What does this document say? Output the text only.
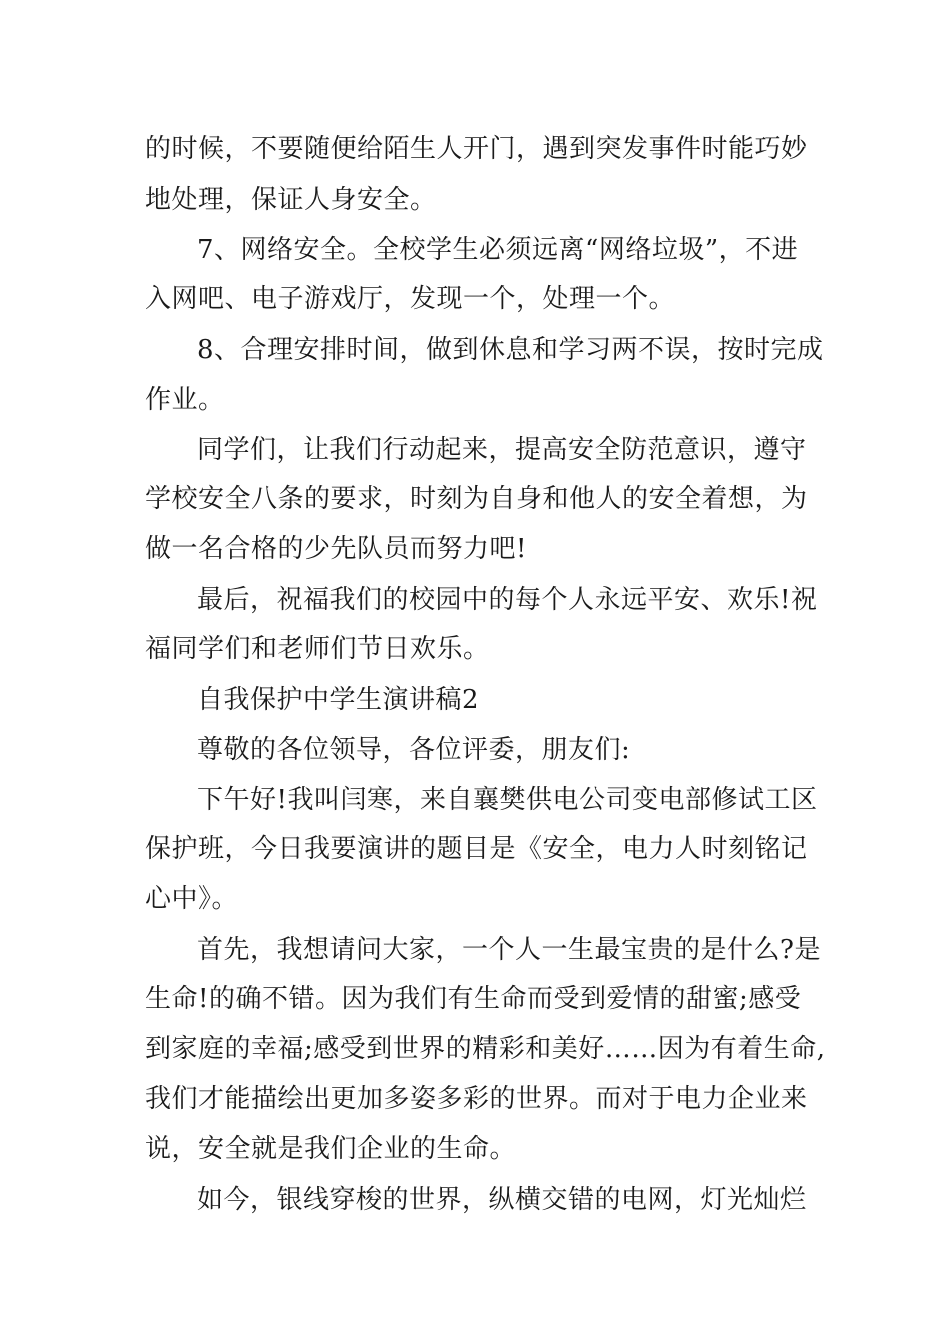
的时候，不要随便给陌生人开门，遇到突发事件时能巧妙
地处理，保证人身安全。
7、网络安全。全校学生必须远离“网络垃圾”，不进
入网吧、电子游戏厅，发现一个，处理一个。
8、合理安排时间，做到休息和学习两不误，按时完成
作业。
同学们，让我们行动起来，提高安全防范意识，遵守
学校安全八条的要求，时刻为自身和他人的安全着想，为
做一名合格的少先队员而努力吧!
最后，祝福我们的校园中的每个人永远平安、欢乐!祝
福同学们和老师们节日欢乐。
自我保护中学生演讲稿2
尊敬的各位领导，各位评委，朋友们:
下午好!我叫闫寒，来自襄樊供电公司变电部修试工区
保护班，今日我要演讲的题目是《安全，电力人时刻铭记
心中》。
首先，我想请问大家，一个人一生最宝贵的是什么?是
生命!的确不错。因为我们有生命而受到爱情的甜蜜;感受
到家庭的幸福;感受到世界的精彩和美好……因为有着生命,
我们才能描绘出更加多姿多彩的世界。而对于电力企业来
说，安全就是我们企业的生命。
如今，银线穿梭的世界，纵横交错的电网，灯光灿烂
